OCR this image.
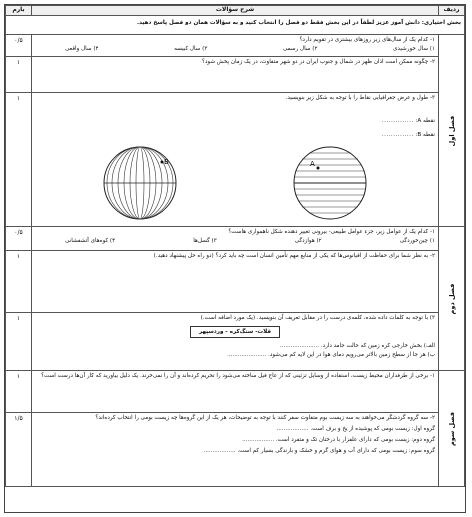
ردیف	شرح سؤالات	بارم
بخش اختیاری: دانش آموز عزیز لطفاً در این بخش فقط دو فصل را انتخاب کنید و به سؤالات همان دو فصل پاسخ دهید.		

فصل اول	۱- کدام یک از سال‌های زیر روزهای بیشتری در تقویم دارد؟
۱) سال خورشیدی
۲) سال رسمی
۳) سال کبیسه
۴) سال واقعی	۰/۵

	۲- چگونه ممکن است اذان ظهر در شمال و جنوب ایران در دو شهر متفاوت، در یک زمان پخش شود؟	۱

	۳- طول و عرض جغرافیایی نقاط را با توجه به شکل زیر بنویسید.
نقطه A: ..............
نقطه B: ..............
B A	۱

فصل دوم	۱- کدام یک از عوامل زیر، جزء عوامل طبیعی- بیرونی تغییر دهنده شکل ناهمواری هاست؟
۱) چین‌خوردگی
۲) هوازدگی
۳) گسل‌ها
۴) کوه‌های آتشفشانی	۰/۵

	۲- به نظر شما برای حفاظت از اقیانوس‌ها که یکی از منابع مهم تأمین انسان است چه باید کرد؟ (دو راه حل پیشنهاد دهید.)	۱

	۳) با توجه به کلمات داده شده، کلمه‌ی درست را در مقابل تعریف آن بنویسید. (یک مورد اضافه است.)
قلات- سنگ‌کره - وردسپهر
الف) بخش خارجی کره زمین که حالت جامد دارد. ......................
ب) هر جا از سطح زمین بالاتر می‌رویم دمای هوا در این لایه کم می‌شود. ......................	۱

فصل سوم	۱- برخی از طرفداران محیط زیست، استفاده از وسایل تزئینی که از عاج فیل ساخته می‌شود را تحریم کرده‌اند و آن را نمی‌خرند. یک دلیل بیاورید که کار آن‌ها درست است؟	۱

	۲- سه گروه گردشگر می‌خواهند به سه زیست بوم متفاوت سفر کنند با توجه به توضیحات، هر یک از این گروه‌ها چه زیست بومی را انتخاب کرده‌اند؟
گروه اول: زیست بومی که پوشیده از یخ و برف است. ..................
گروه دوم: زیست بومی که دارای علفزار با درختان تک و متفرد است. ..................
گروه سوم: زیست بومی که دارای آب و هوای گرم و خشک و بارندگی بسیار کم است. ..................	۱/۵
